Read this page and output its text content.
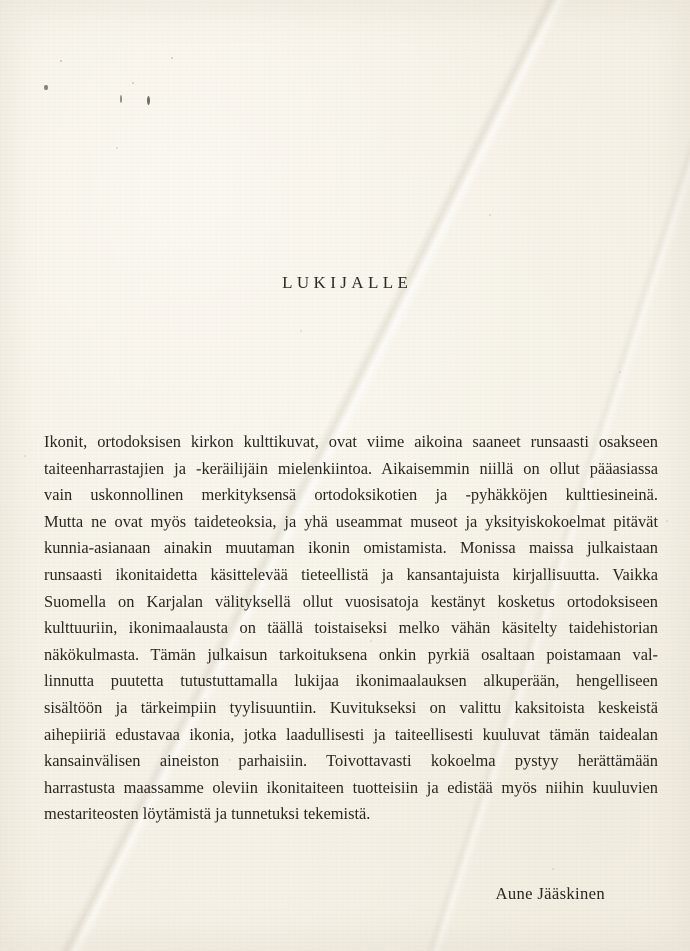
LUKIJALLE

Ikonit, ortodoksisen kirkon kulttikuvat, ovat viime aikoina saaneet runsaasti osakseen
taiteenharrastajien ja -keräilijäin mielenkiintoa. Aikaisemmin niillä on ollut pääasiassa
vain uskonnollinen merkityksensä ortodoksikotien ja -pyhäkköjen kulttiesineinä.
Mutta ne ovat myös taideteoksia, ja yhä useammat museot ja yksityiskokoelmat pitävät
kunnia-asianaan ainakin muutaman ikonin omistamista. Monissa maissa julkaistaan
runsaasti ikonitaidetta käsittelevää tieteellistä ja kansantajuista kirjallisuutta. Vaikka
Suomella on Karjalan välityksellä ollut vuosisatoja kestänyt kosketus ortodoksiseen
kulttuuriin, ikonimaalausta on täällä toistaiseksi melko vähän käsitelty taidehistorian
näkökulmasta. Tämän julkaisun tarkoituksena onkin pyrkiä osaltaan poistamaan val-
linnutta puutetta tutustuttamalla lukijaa ikonimaalauksen alkuperään, hengelliseen
sisältöön ja tärkeimpiin tyylisuuntiin. Kuvitukseksi on valittu kaksitoista keskeistä
aihepiiriä edustavaa ikonia, jotka laadullisesti ja taiteellisesti kuuluvat tämän taidealan
kansainvälisen aineiston parhaisiin. Toivottavasti kokoelma pystyy herättämään
harrastusta maassamme oleviin ikonitaiteen tuotteisiin ja edistää myös niihin kuuluvien
mestariteosten löytämistä ja tunnetuksi tekemistä.

Aune Jääskinen
